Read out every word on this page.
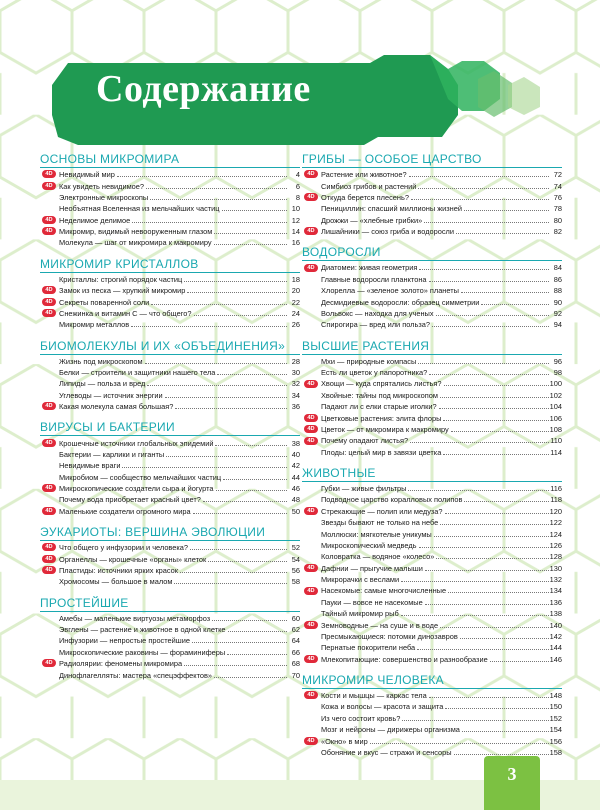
Содержание
ОСНОВЫ МИКРОМИРА
4D Невидимый мир	4
4D Как увидеть невидимое?	6
Электронные микроскопы	8
Необъятная Вселенная из мельчайших частиц	10
4D Неделимое делимое	12
4D Микромир, видимый невооруженным глазом	14
Молекула — шаг от микромира к макромиру	16
МИКРОМИР КРИСТАЛЛОВ
Кристаллы: строгий порядок частиц	18
4D Замок из песка — хрупкий микромир	20
4D Секреты поваренной соли	22
4D Снежинка и витамин С — что общего?	24
Микромир металлов	26
БИОМОЛЕКУЛЫ И ИХ «ОБЪЕДИНЕНИЯ»
Жизнь под микроскопом	28
Белки — строители и защитники нашего тела	30
Липиды — польза и вред	32
Углеводы — источник энергии	34
4D Какая молекула самая большая?	36
ВИРУСЫ И БАКТЕРИИ
4D Крошечные источники глобальных эпидемий	38
Бактерии — карлики и гиганты	40
Невидимые враги	42
Микробиом — сообщество мельчайших частиц	44
4D Микроскопические создатели сыра и йогурта	46
Почему вода приобретает красный цвет?	48
4D Маленькие создатели огромного мира	50
ЭУКАРИОТЫ: ВЕРШИНА ЭВОЛЮЦИИ
4D Что общего у инфузории и человека?	52
4D Органеллы — крошечные «органы» клеток	54
4D Пластиды: источники ярких красок	56
Хромосомы — большое в малом	58
ПРОСТЕЙШИЕ
Амебы — маленькие виртуозы метаморфоз	60
Эвглены — растение и животное в одной клетке	62
Инфузории — непростые простейшие	64
Микроскопические раковины — фораминиферы	66
4D Радиолярии: феномены микромира	68
Динофлагелляты: мастера «спецэффектов»	70
ГРИБЫ — ОСОБОЕ ЦАРСТВО
4D Растение или животное?	72
Симбиоз грибов и растений	74
4D Откуда берется плесень?	76
Пенициллин: спасший миллионы жизней	78
Дрожжи — «хлебные грибки»	80
4D Лишайники — союз гриба и водоросли	82
ВОДОРОСЛИ
4D Диатомеи: живая геометрия	84
Главные водоросли планктона	86
Хлорелла — «зеленое золото» планеты	88
Десмидиевые водоросли: образец симметрии	90
Вольвокс — находка для ученых	92
Спирогира — вред или польза?	94
ВЫСШИЕ РАСТЕНИЯ
Мхи — природные компасы	96
Есть ли цветок у папоротника?	98
4D Хвощи — куда спрятались листья?	100
Хвойные: тайны под микроскопом	102
Падают ли с елки старые иголки?	104
4D Цветковые растения: элита флоры	106
4D Цветок — от микромира к макромиру	108
4D Почему опадают листья?	110
Плоды: целый мир в завязи цветка	114
ЖИВОТНЫЕ
Губки — живые фильтры	116
Подводное царство коралловых полипов	118
4D Стрекающие — полип или медуза?	120
Звезды бывают не только на небе	122
Моллюски: мягкотелые уникумы	124
Микроскопический медведь	126
Коловратка — водяное «колесо»	128
4D Дафнии — прыгучие малыши	130
Микрорачки с веслами	132
4D Насекомые: самые многочисленные	134
Пауки — вовсе не насекомые	136
Тайный микромир рыб	138
4D Земноводные — на суше и в воде	140
Пресмыкающиеся: потомки динозавров	142
Пернатые покорители неба	144
4D Млекопитающие: совершенство и разнообразие	146
МИКРОМИР ЧЕЛОВЕКА
4D Кости и мышцы — каркас тела	148
Кожа и волосы — красота и защита	150
Из чего состоит кровь?	152
Мозг и нейроны — дирижеры организма	154
4D «Окно» в мир	156
Обоняние и вкус — стражи и сенсоры	158
3
